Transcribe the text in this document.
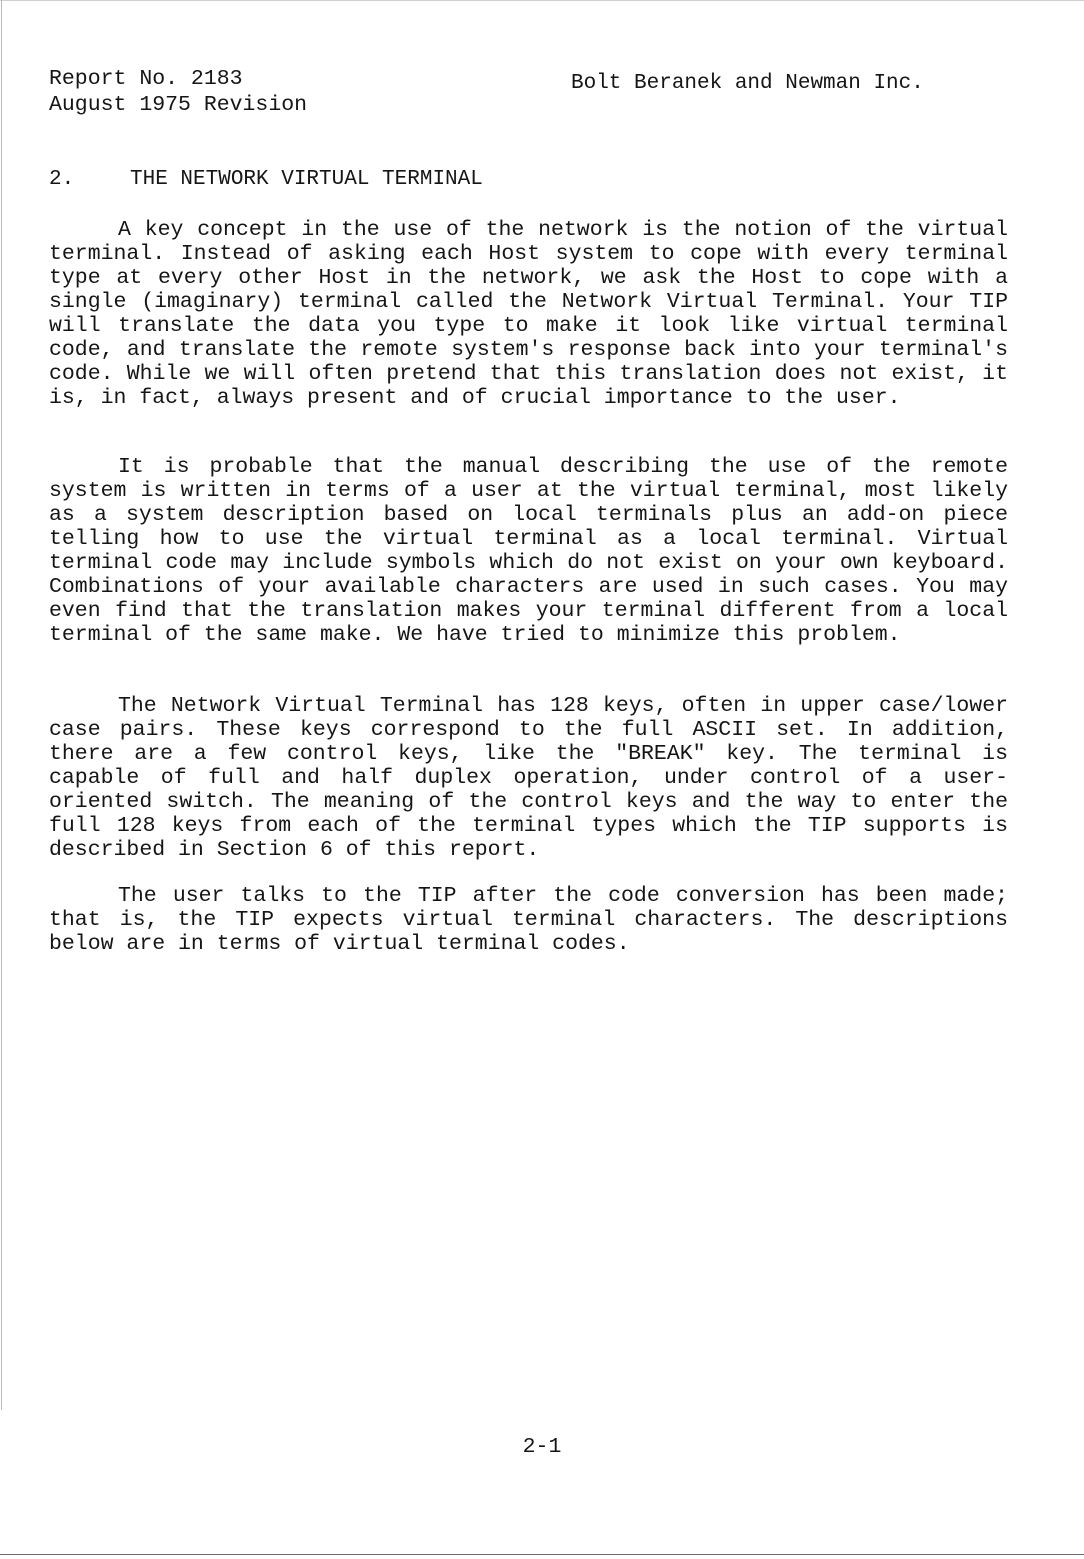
Report No. 2183
August 1975 Revision
Bolt Beranek and Newman Inc.
2.	THE NETWORK VIRTUAL TERMINAL

A key concept in the use of the network is the notion of the virtual terminal. Instead of asking each Host system to cope with every terminal type at every other Host in the network, we ask the Host to cope with a single (imaginary) terminal called the Network Virtual Terminal. Your TIP will translate the data you type to make it look like virtual terminal code, and translate the remote system's response back into your terminal's code. While we will often pretend that this translation does not exist, it is, in fact, always present and of crucial importance to the user.

It is probable that the manual describing the use of the remote system is written in terms of a user at the virtual terminal, most likely as a system description based on local terminals plus an add-on piece telling how to use the virtual terminal as a local terminal. Virtual terminal code may include symbols which do not exist on your own keyboard. Combinations of your available characters are used in such cases. You may even find that the translation makes your terminal different from a local terminal of the same make. We have tried to minimize this problem.

The Network Virtual Terminal has 128 keys, often in upper case/lower case pairs. These keys correspond to the full ASCII set. In addition, there are a few control keys, like the "BREAK" key. The terminal is capable of full and half duplex operation, under control of a user-oriented switch. The meaning of the control keys and the way to enter the full 128 keys from each of the terminal types which the TIP supports is described in Section 6 of this report.

The user talks to the TIP after the code conversion has been made; that is, the TIP expects virtual terminal characters. The descriptions below are in terms of virtual terminal codes.

2-1
